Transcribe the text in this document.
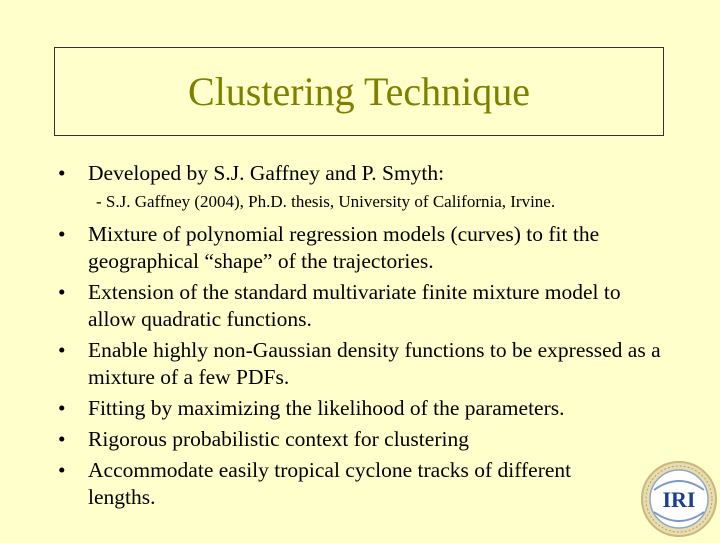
Clustering Technique
•	Developed by S.J. Gaffney and P. Smyth:
- S.J. Gaffney (2004), Ph.D. thesis, University of California, Irvine.
•	Mixture of polynomial regression models (curves) to fit the geographical “shape” of the trajectories.
•	Extension of the standard multivariate finite mixture model to allow quadratic functions.
•	Enable highly non-Gaussian density functions to be expressed as a mixture of a few PDFs.
•	Fitting by maximizing the likelihood of the parameters.
•	Rigorous probabilistic context for clustering
•	Accommodate easily tropical cyclone tracks of different lengths.	IRI
